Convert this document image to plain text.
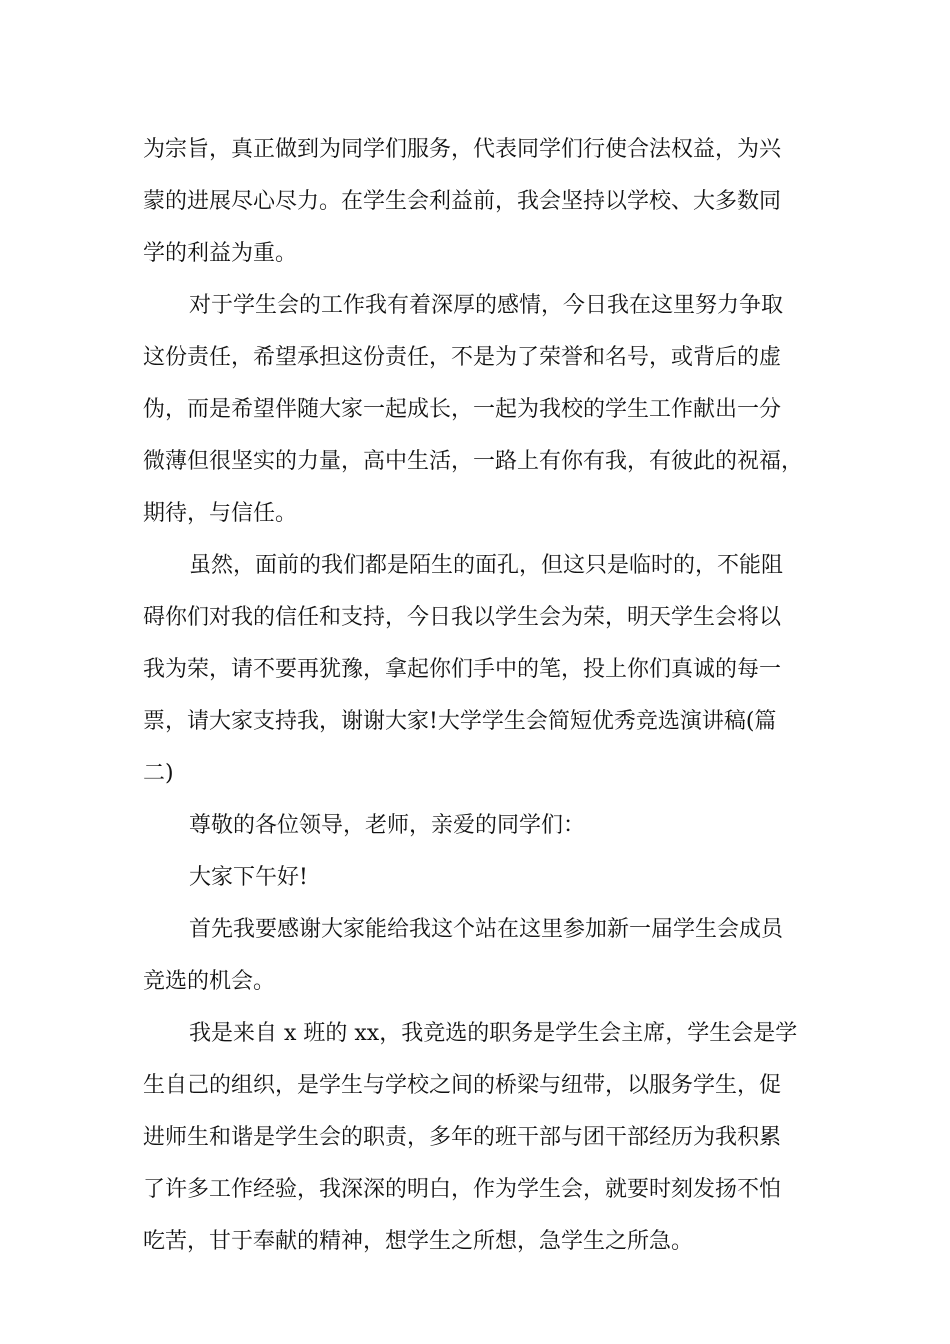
为宗旨，真正做到为同学们服务，代表同学们行使合法权益，为兴
蒙的进展尽心尽力。在学生会利益前，我会坚持以学校、大多数同
学的利益为重。
对于学生会的工作我有着深厚的感情，今日我在这里努力争取
这份责任，希望承担这份责任，不是为了荣誉和名号，或背后的虚
伪，而是希望伴随大家一起成长，一起为我校的学生工作献出一分
微薄但很坚实的力量，高中生活，一路上有你有我，有彼此的祝福，
期待，与信任。
虽然，面前的我们都是陌生的面孔，但这只是临时的，不能阻
碍你们对我的信任和支持，今日我以学生会为荣，明天学生会将以
我为荣，请不要再犹豫，拿起你们手中的笔，投上你们真诚的每一
票，请大家支持我，谢谢大家!大学学生会简短优秀竞选演讲稿(篇
二)
尊敬的各位领导，老师，亲爱的同学们：
大家下午好!
首先我要感谢大家能给我这个站在这里参加新一届学生会成员
竞选的机会。
我是来自 x 班的 xx，我竞选的职务是学生会主席，学生会是学
生自己的组织，是学生与学校之间的桥梁与纽带，以服务学生，促
进师生和谐是学生会的职责，多年的班干部与团干部经历为我积累
了许多工作经验，我深深的明白，作为学生会，就要时刻发扬不怕
吃苦，甘于奉献的精神，想学生之所想，急学生之所急。
